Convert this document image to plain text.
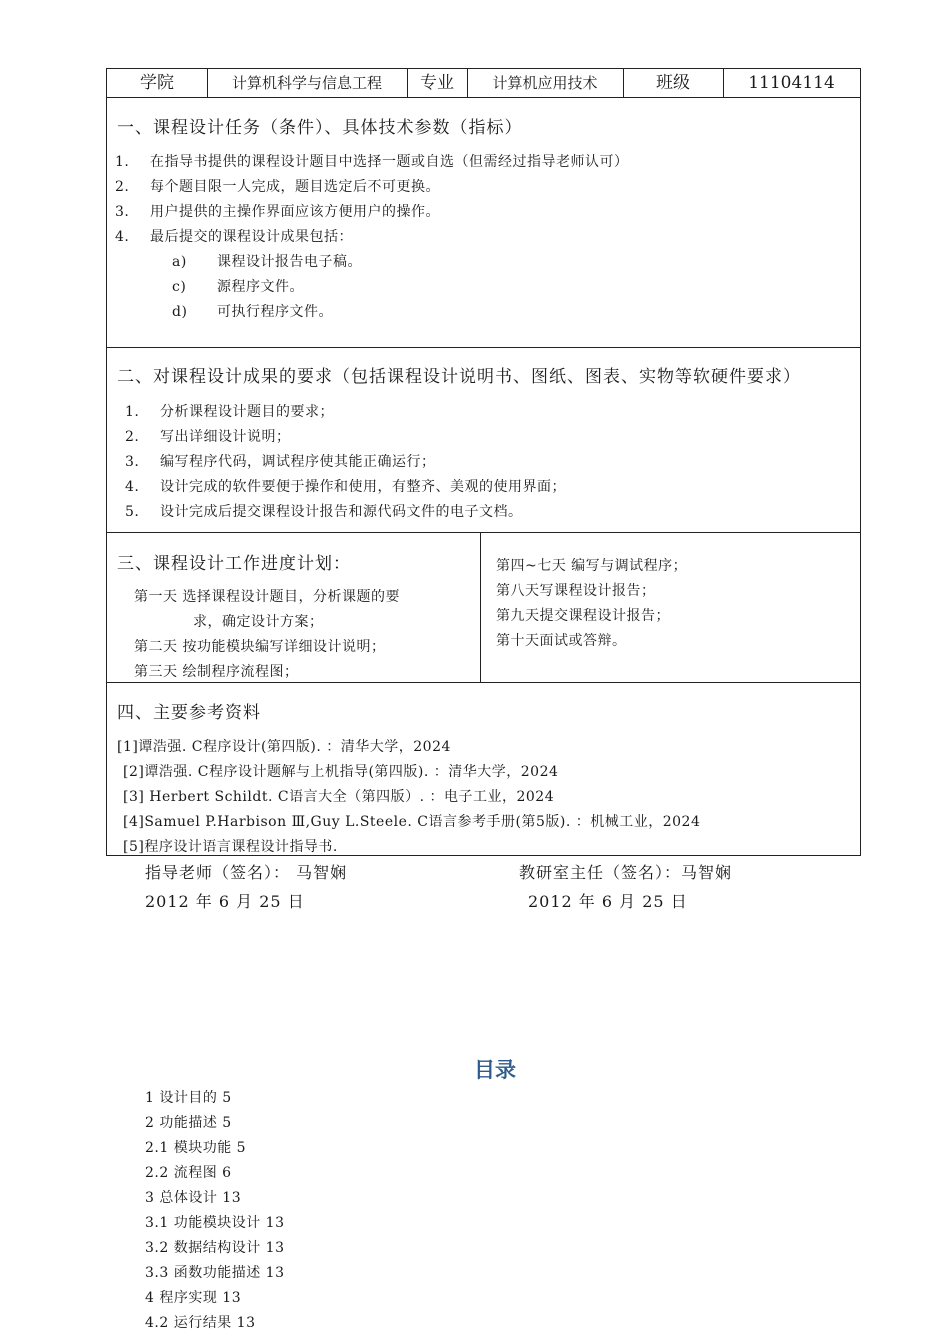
学院	计算机科学与信息工程	专业	计算机应用技术	班级	11104114
一、课程设计任务（条件）、具体技术参数（指标）
1. 在指导书提供的课程设计题目中选择一题或自选（但需经过指导老师认可）
2. 每个题目限一人完成，题目选定后不可更换。
3. 用户提供的主操作界面应该方便用户的操作。
4. 最后提交的课程设计成果包括：
a) 课程设计报告电子稿。
c) 源程序文件。
d) 可执行程序文件。
二、对课程设计成果的要求（包括课程设计说明书、图纸、图表、实物等软硬件要求）
1. 分析课程设计题目的要求；
2. 写出详细设计说明；
3. 编写程序代码，调试程序使其能正确运行；
4. 设计完成的软件要便于操作和使用，有整齐、美观的使用界面；
5. 设计完成后提交课程设计报告和源代码文件的电子文档。
三、课程设计工作进度计划：
第一天 选择课程设计题目，分析课题的要
求，确定设计方案；
第二天 按功能模块编写详细设计说明；
第三天 绘制程序流程图；
第四~七天 编写与调试程序；
第八天写课程设计报告；
第九天提交课程设计报告；
第十天面试或答辩。
四、主要参考资料
[1]谭浩强. C程序设计(第四版). ：清华大学，2024
[2]谭浩强. C程序设计题解与上机指导(第四版). ：清华大学，2024
[3] Herbert Schildt. C语言大全（第四版）. ：电子工业，2024
[4]Samuel P.Harbison Ⅲ,Guy L.Steele. C语言参考手册(第5版). ：机械工业，2024
[5]程序设计语言课程设计指导书.
指导老师（签名）： 马智娴
2012 年 6 月 25 日
教研室主任（签名）：马智娴
2012 年 6 月 25 日
目录
1 设计目的 5
2 功能描述 5
2.1 模块功能 5
2.2 流程图 6
3 总体设计 13
3.1 功能模块设计 13
3.2 数据结构设计 13
3.3 函数功能描述 13
4 程序实现 13
4.2 运行结果 13
